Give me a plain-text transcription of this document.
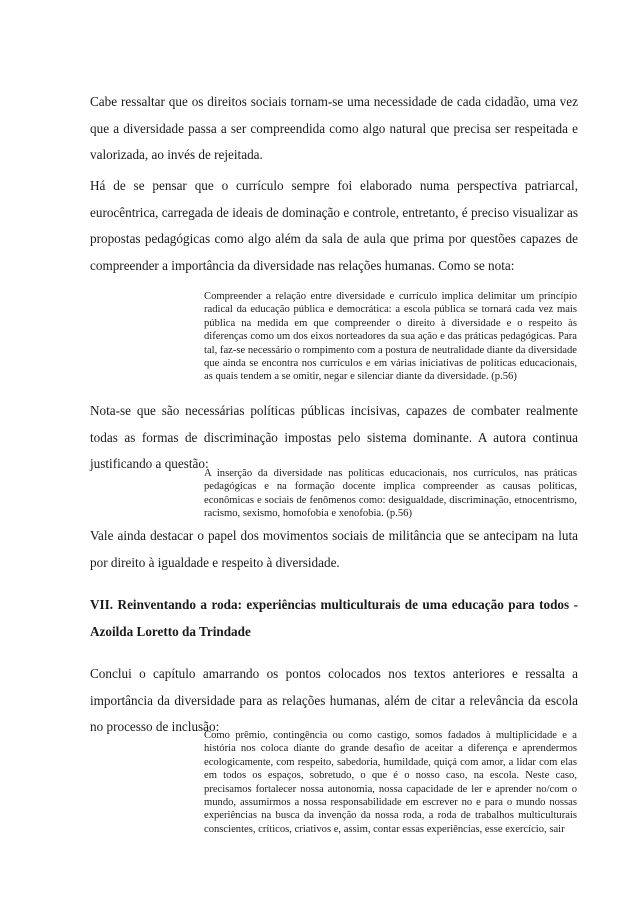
Cabe ressaltar que os direitos sociais tornam-se uma necessidade de cada cidadão, uma vez que a diversidade passa a ser compreendida como algo natural que precisa ser respeitada e valorizada, ao invés de rejeitada.

Há de se pensar que o currículo sempre foi elaborado numa perspectiva patriarcal, eurocêntrica, carregada de ideais de dominação e controle, entretanto, é preciso visualizar as propostas pedagógicas como algo além da sala de aula que prima por questões capazes de compreender a importância da diversidade nas relações humanas. Como se nota:

Compreender a relação entre diversidade e currículo implica delimitar um princípio radical da educação pública e democrática: a escola pública se tornará cada vez mais pública na medida em que compreender o direito à diversidade e o respeito às diferenças como um dos eixos norteadores da sua ação e das práticas pedagógicas. Para tal, faz-se necessário o rompimento com a postura de neutralidade diante da diversidade que ainda se encontra nos currículos e em várias iniciativas de políticas educacionais, as quais tendem a se omitir, negar e silenciar diante da diversidade. (p.56)

Nota-se que são necessárias políticas públicas incisivas, capazes de combater realmente todas as formas de discriminação impostas pelo sistema dominante. A autora continua justificando a questão:

A inserção da diversidade nas políticas educacionais, nos currículos, nas práticas pedagógicas e na formação docente implica compreender as causas políticas, econômicas e sociais de fenômenos como: desigualdade, discriminação, etnocentrismo, racismo, sexismo, homofobia e xenofobia. (p.56)

Vale ainda destacar o papel dos movimentos sociais de militância que se antecipam na luta por direito à igualdade e respeito à diversidade.

VII. Reinventando a roda: experiências multiculturais de uma educação para todos - Azoilda Loretto da Trindade

Conclui o capítulo amarrando os pontos colocados nos textos anteriores e ressalta a importância da diversidade para as relações humanas, além de citar a relevância da escola no processo de inclusão:

Como prêmio, contingência ou como castigo, somos fadados à multiplicidade e a história nos coloca diante do grande desafio de aceitar a diferença e aprendermos ecologicamente, com respeito, sabedoria, humildade, quiçá com amor, a lidar com elas em todos os espaços, sobretudo, o que é o nosso caso, na escola. Neste caso, precisamos fortalecer nossa autonomia, nossa capacidade de ler e aprender no/com o mundo, assumirmos a nossa responsabilidade em escrever no e para o mundo nossas experiências na busca da invenção da nossa roda, a roda de trabalhos multiculturais conscientes, críticos, criativos e, assim, contar essas experiências, esse exercício, sair
